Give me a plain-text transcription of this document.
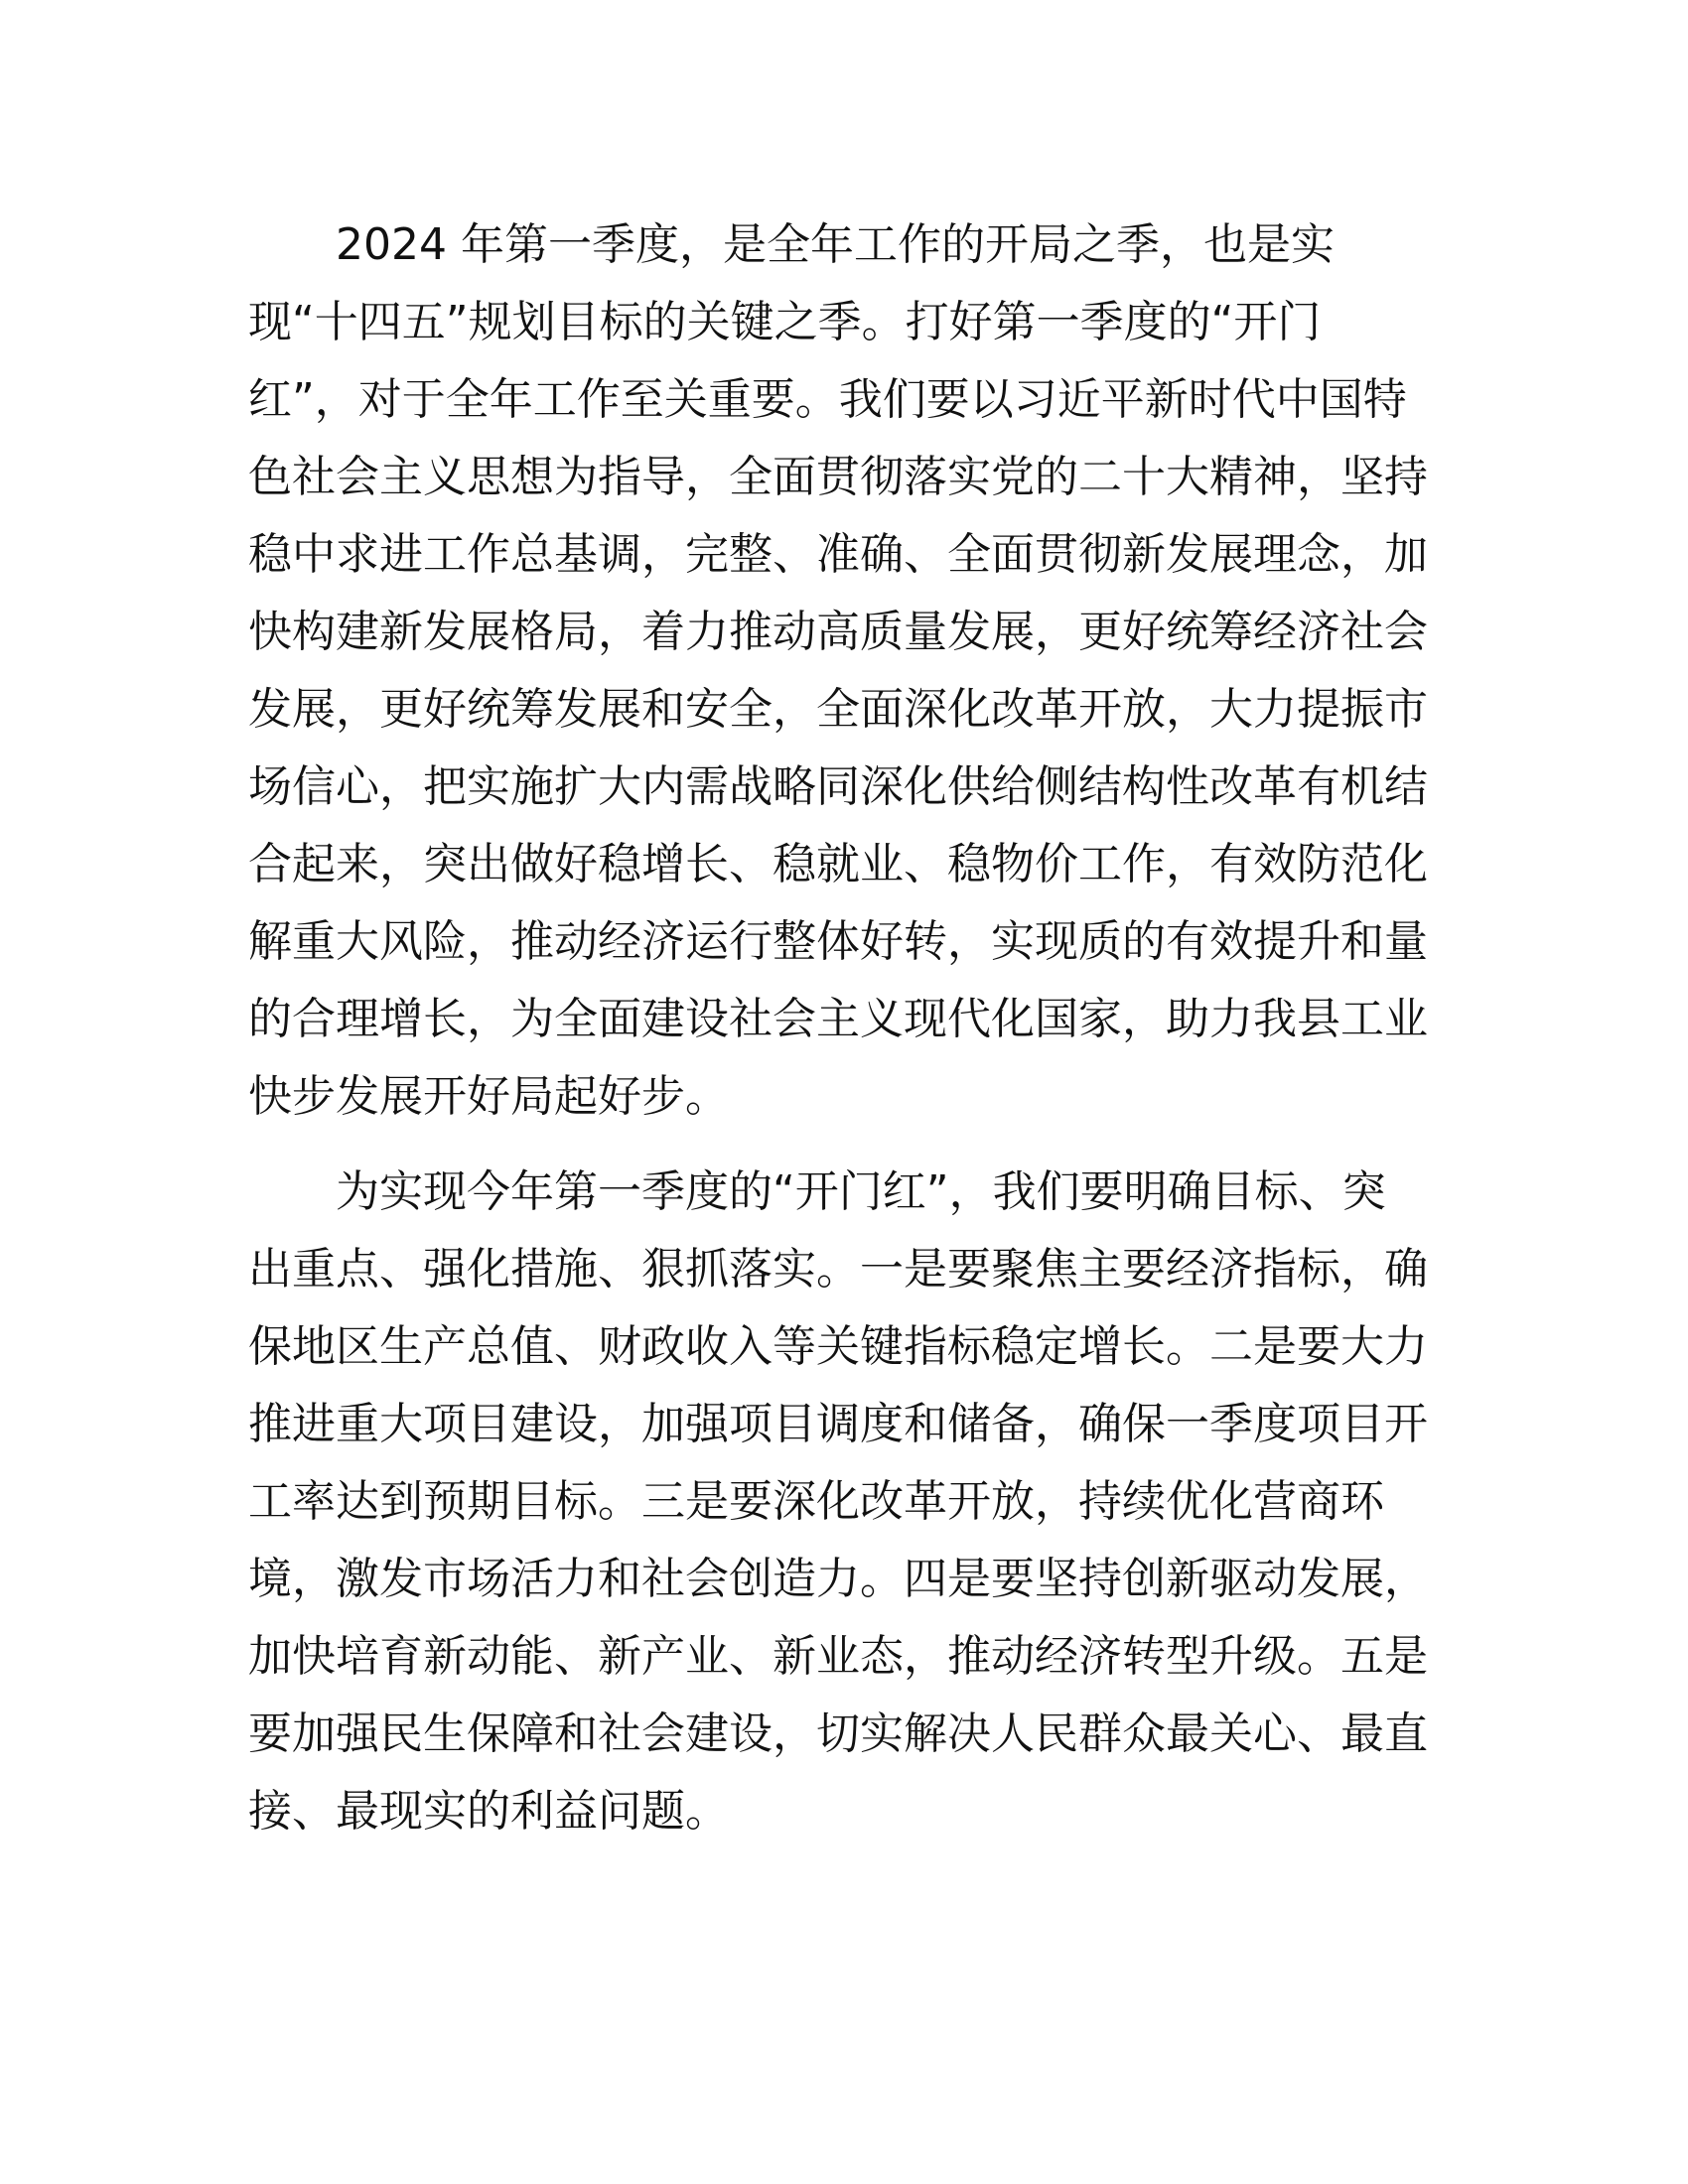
2024 年第一季度，是全年工作的开局之季，也是实
现“十四五”规划目标的关键之季。打好第一季度的“开门
红”，对于全年工作至关重要。我们要以习近平新时代中国特
色社会主义思想为指导，全面贯彻落实党的二十大精神，坚持
稳中求进工作总基调，完整、准确、全面贯彻新发展理念，加
快构建新发展格局，着力推动高质量发展，更好统筹经济社会
发展，更好统筹发展和安全，全面深化改革开放，大力提振市
场信心，把实施扩大内需战略同深化供给侧结构性改革有机结
合起来，突出做好稳增长、稳就业、稳物价工作，有效防范化
解重大风险，推动经济运行整体好转，实现质的有效提升和量
的合理增长，为全面建设社会主义现代化国家，助力我县工业
快步发展开好局起好步。

为实现今年第一季度的“开门红”，我们要明确目标、突
出重点、强化措施、狠抓落实。一是要聚焦主要经济指标，确
保地区生产总值、财政收入等关键指标稳定增长。二是要大力
推进重大项目建设，加强项目调度和储备，确保一季度项目开
工率达到预期目标。三是要深化改革开放，持续优化营商环
境，激发市场活力和社会创造力。四是要坚持创新驱动发展，
加快培育新动能、新产业、新业态，推动经济转型升级。五是
要加强民生保障和社会建设，切实解决人民群众最关心、最直
接、最现实的利益问题。
